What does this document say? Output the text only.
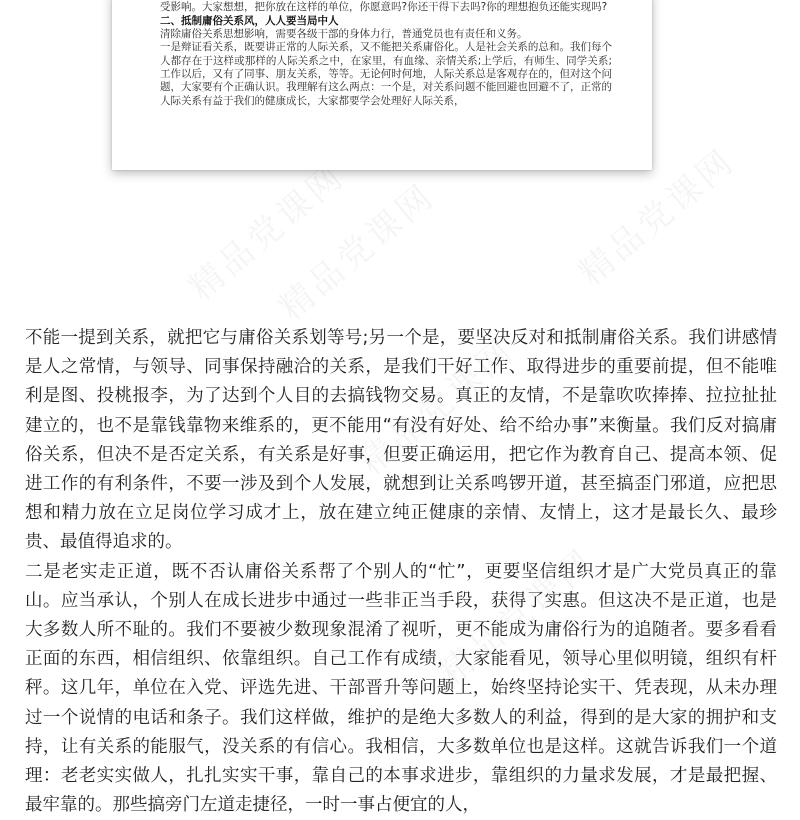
受影响。大家想想，把你放在这样的单位，你愿意吗?你还干得下去吗?你的理想抱负还能实现吗?

二、抵制庸俗关系风，人人要当局中人

清除庸俗关系思想影响，需要各级干部的身体力行，普通党员也有责任和义务。

一是辩证看关系，既要讲正常的人际关系，又不能把关系庸俗化。人是社会关系的总和。我们每个人都存在于这样或那样的人际关系之中，在家里，有血缘、亲情关系;上学后，有师生、同学关系;工作以后，又有了同事、朋友关系，等等。无论何时何地，人际关系总是客观存在的，但对这个问题，大家要有个正确认识。我理解有这么两点：一个是，对关系问题不能回避也回避不了，正常的人际关系有益于我们的健康成长，大家都要学会处理好人际关系，

不能一提到关系，就把它与庸俗关系划等号;另一个是，要坚决反对和抵制庸俗关系。我们讲感情是人之常情，与领导、同事保持融洽的关系，是我们干好工作、取得进步的重要前提，但不能唯利是图、投桃报李，为了达到个人目的去搞钱物交易。真正的友情，不是靠吹吹捧捧、拉拉扯扯建立的，也不是靠钱靠物来维系的，更不能用“有没有好处、给不给办事”来衡量。我们反对搞庸俗关系，但决不是否定关系，有关系是好事，但要正确运用，把它作为教育自己、提高本领、促进工作的有利条件，不要一涉及到个人发展，就想到让关系鸣锣开道，甚至搞歪门邪道，应把思想和精力放在立足岗位学习成才上，放在建立纯正健康的亲情、友情上，这才是最长久、最珍贵、最值得追求的。

二是老实走正道，既不否认庸俗关系帮了个别人的“忙”，更要坚信组织才是广大党员真正的靠山。应当承认，个别人在成长进步中通过一些非正当手段，获得了实惠。但这决不是正道，也是大多数人所不耻的。我们不要被少数现象混淆了视听，更不能成为庸俗行为的追随者。要多看看正面的东西，相信组织、依靠组织。自己工作有成绩，大家能看见，领导心里似明镜，组织有杆秤。这几年，单位在入党、评选先进、干部晋升等问题上，始终坚持论实干、凭表现，从未办理过一个说情的电话和条子。我们这样做，维护的是绝大多数人的利益，得到的是大家的拥护和支持，让有关系的能服气，没关系的有信心。我相信，大多数单位也是这样。这就告诉我们一个道理：老老实实做人，扎扎实实干事，靠自己的本事求进步，靠组织的力量求发展，才是最把握、最牢靠的。那些搞旁门左道走捷径，一时一事占便宜的人，
